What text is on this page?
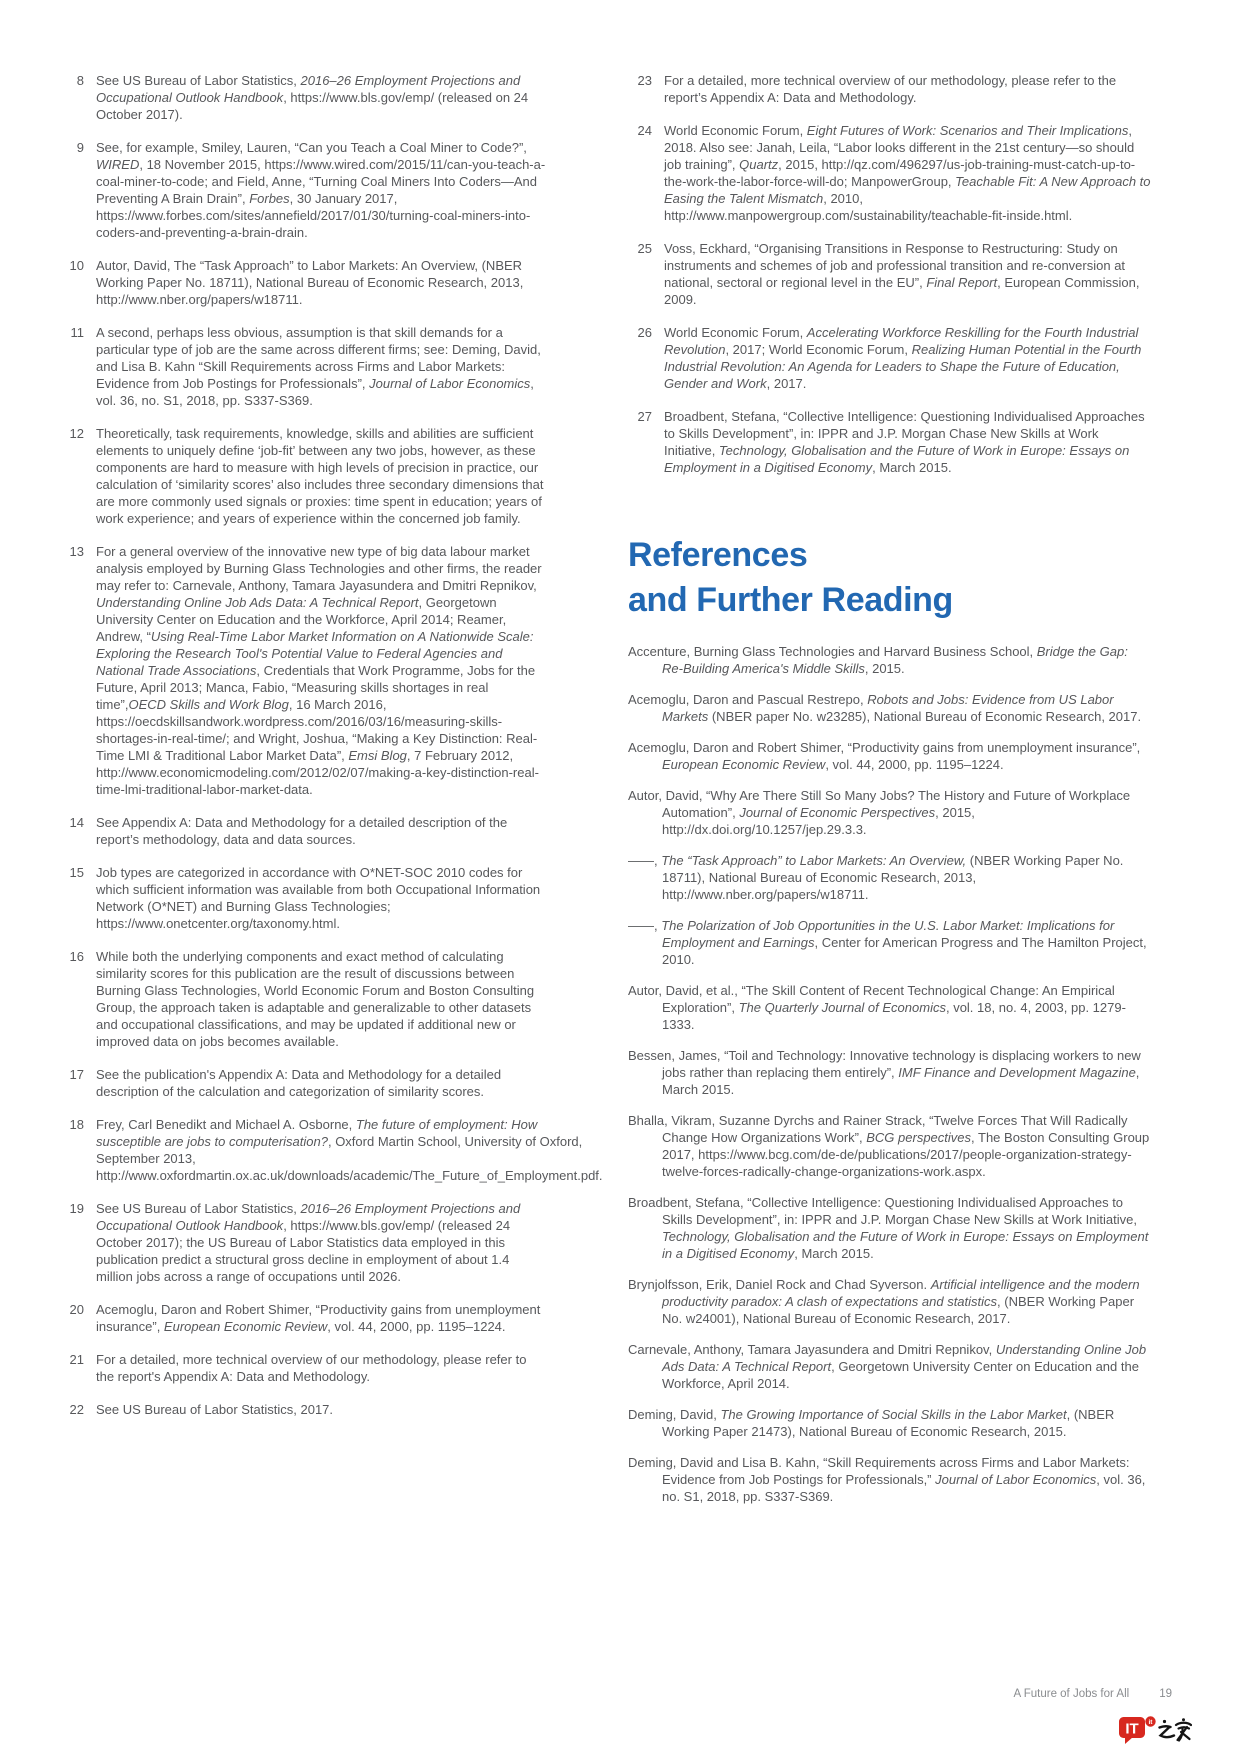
8 See US Bureau of Labor Statistics, 2016–26 Employment Projections and Occupational Outlook Handbook, https://www.bls.gov/emp/ (released on 24 October 2017).
9 See, for example, Smiley, Lauren, “Can you Teach a Coal Miner to Code?”, WIRED, 18 November 2015, https://www.wired.com/2015/11/can-you-teach-a-coal-miner-to-code; and Field, Anne, “Turning Coal Miners Into Coders—And Preventing A Brain Drain”, Forbes, 30 January 2017, https://www.forbes.com/sites/annefield/2017/01/30/turning-coal-miners-into-coders-and-preventing-a-brain-drain.
10 Autor, David, The “Task Approach” to Labor Markets: An Overview, (NBER Working Paper No. 18711), National Bureau of Economic Research, 2013, http://www.nber.org/papers/w18711.
11 A second, perhaps less obvious, assumption is that skill demands for a particular type of job are the same across different firms; see: Deming, David, and Lisa B. Kahn “Skill Requirements across Firms and Labor Markets: Evidence from Job Postings for Professionals”, Journal of Labor Economics, vol. 36, no. S1, 2018, pp. S337-S369.
12 Theoretically, task requirements, knowledge, skills and abilities are sufficient elements to uniquely define ‘job-fit’ between any two jobs, however, as these components are hard to measure with high levels of precision in practice, our calculation of ‘similarity scores’ also includes three secondary dimensions that are more commonly used signals or proxies: time spent in education; years of work experience; and years of experience within the concerned job family.
13 For a general overview of the innovative new type of big data labour market analysis employed by Burning Glass Technologies and other firms, the reader may refer to: Carnevale, Anthony, Tamara Jayasundera and Dmitri Repnikov, Understanding Online Job Ads Data: A Technical Report, Georgetown University Center on Education and the Workforce, April 2014; Reamer, Andrew, “Using Real-Time Labor Market Information on A Nationwide Scale: Exploring the Research Tool's Potential Value to Federal Agencies and National Trade Associations, Credentials that Work Programme, Jobs for the Future, April 2013; Manca, Fabio, “Measuring skills shortages in real time”,OECD Skills and Work Blog, 16 March 2016, https://oecdskillsandwork.wordpress.com/2016/03/16/measuring-skills-shortages-in-real-time/; and Wright, Joshua, “Making a Key Distinction: Real-Time LMI & Traditional Labor Market Data”, Emsi Blog, 7 February 2012, http://www.economicmodeling.com/2012/02/07/making-a-key-distinction-real-time-lmi-traditional-labor-market-data.
14 See Appendix A: Data and Methodology for a detailed description of the report’s methodology, data and data sources.
15 Job types are categorized in accordance with O*NET-SOC 2010 codes for which sufficient information was available from both Occupational Information Network (O*NET) and Burning Glass Technologies; https://www.onetcenter.org/taxonomy.html.
16 While both the underlying components and exact method of calculating similarity scores for this publication are the result of discussions between Burning Glass Technologies, World Economic Forum and Boston Consulting Group, the approach taken is adaptable and generalizable to other datasets and occupational classifications, and may be updated if additional new or improved data on jobs becomes available.
17 See the publication's Appendix A: Data and Methodology for a detailed description of the calculation and categorization of similarity scores.
18 Frey, Carl Benedikt and Michael A. Osborne, The future of employment: How susceptible are jobs to computerisation?, Oxford Martin School, University of Oxford, September 2013, http://www.oxfordmartin.ox.ac.uk/downloads/academic/The_Future_of_Employment.pdf.
19 See US Bureau of Labor Statistics, 2016–26 Employment Projections and Occupational Outlook Handbook, https://www.bls.gov/emp/ (released 24 October 2017); the US Bureau of Labor Statistics data employed in this publication predict a structural gross decline in employment of about 1.4 million jobs across a range of occupations until 2026.
20 Acemoglu, Daron and Robert Shimer, “Productivity gains from unemployment insurance”, European Economic Review, vol. 44, 2000, pp. 1195–1224.
21 For a detailed, more technical overview of our methodology, please refer to the report's Appendix A: Data and Methodology.
22 See US Bureau of Labor Statistics, 2017.
23 For a detailed, more technical overview of our methodology, please refer to the report’s Appendix A: Data and Methodology.
24 World Economic Forum, Eight Futures of Work: Scenarios and Their Implications, 2018. Also see: Janah, Leila, “Labor looks different in the 21st century—so should job training”, Quartz, 2015, http://qz.com/496297/us-job-training-must-catch-up-to-the-work-the-labor-force-will-do; ManpowerGroup, Teachable Fit: A New Approach to Easing the Talent Mismatch, 2010, http://www.manpowergroup.com/sustainability/teachable-fit-inside.html.
25 Voss, Eckhard, “Organising Transitions in Response to Restructuring: Study on instruments and schemes of job and professional transition and re-conversion at national, sectoral or regional level in the EU”, Final Report, European Commission, 2009.
26 World Economic Forum, Accelerating Workforce Reskilling for the Fourth Industrial Revolution, 2017; World Economic Forum, Realizing Human Potential in the Fourth Industrial Revolution: An Agenda for Leaders to Shape the Future of Education, Gender and Work, 2017.
27 Broadbent, Stefana, “Collective Intelligence: Questioning Individualised Approaches to Skills Development”, in: IPPR and J.P. Morgan Chase New Skills at Work Initiative, Technology, Globalisation and the Future of Work in Europe: Essays on Employment in a Digitised Economy, March 2015.
References
and Further Reading

Accenture, Burning Glass Technologies and Harvard Business School, Bridge the Gap: Re-Building America's Middle Skills, 2015.

Acemoglu, Daron and Pascual Restrepo, Robots and Jobs: Evidence from US Labor Markets (NBER paper No. w23285), National Bureau of Economic Research, 2017.

Acemoglu, Daron and Robert Shimer, “Productivity gains from unemployment insurance”, European Economic Review, vol. 44, 2000, pp. 1195–1224.

Autor, David, “Why Are There Still So Many Jobs? The History and Future of Workplace Automation”, Journal of Economic Perspectives, 2015, http://dx.doi.org/10.1257/jep.29.3.3.

——, The “Task Approach” to Labor Markets: An Overview, (NBER Working Paper No. 18711), National Bureau of Economic Research, 2013, http://www.nber.org/papers/w18711.

——, The Polarization of Job Opportunities in the U.S. Labor Market: Implications for Employment and Earnings, Center for American Progress and The Hamilton Project, 2010.

Autor, David, et al., “The Skill Content of Recent Technological Change: An Empirical Exploration”, The Quarterly Journal of Economics, vol. 18, no. 4, 2003, pp. 1279-1333.

Bessen, James, “Toil and Technology: Innovative technology is displacing workers to new jobs rather than replacing them entirely”, IMF Finance and Development Magazine, March 2015.

Bhalla, Vikram, Suzanne Dyrchs and Rainer Strack, “Twelve Forces That Will Radically Change How Organizations Work”, BCG perspectives, The Boston Consulting Group 2017, https://www.bcg.com/de-de/publications/2017/people-organization-strategy-twelve-forces-radically-change-organizations-work.aspx.

Broadbent, Stefana, “Collective Intelligence: Questioning Individualised Approaches to Skills Development”, in: IPPR and J.P. Morgan Chase New Skills at Work Initiative, Technology, Globalisation and the Future of Work in Europe: Essays on Employment in a Digitised Economy, March 2015.

Brynjolfsson, Erik, Daniel Rock and Chad Syverson. Artificial intelligence and the modern productivity paradox: A clash of expectations and statistics, (NBER Working Paper No. w24001), National Bureau of Economic Research, 2017.

Carnevale, Anthony, Tamara Jayasundera and Dmitri Repnikov, Understanding Online Job Ads Data: A Technical Report, Georgetown University Center on Education and the Workforce, April 2014.

Deming, David, The Growing Importance of Social Skills in the Labor Market, (NBER Working Paper 21473), National Bureau of Economic Research, 2015.

Deming, David and Lisa B. Kahn, “Skill Requirements across Firms and Labor Markets: Evidence from Job Postings for Professionals,” Journal of Labor Economics, vol. 36, no. S1, 2018, pp. S337-S369.

A Future of Jobs for All	19
IT it
